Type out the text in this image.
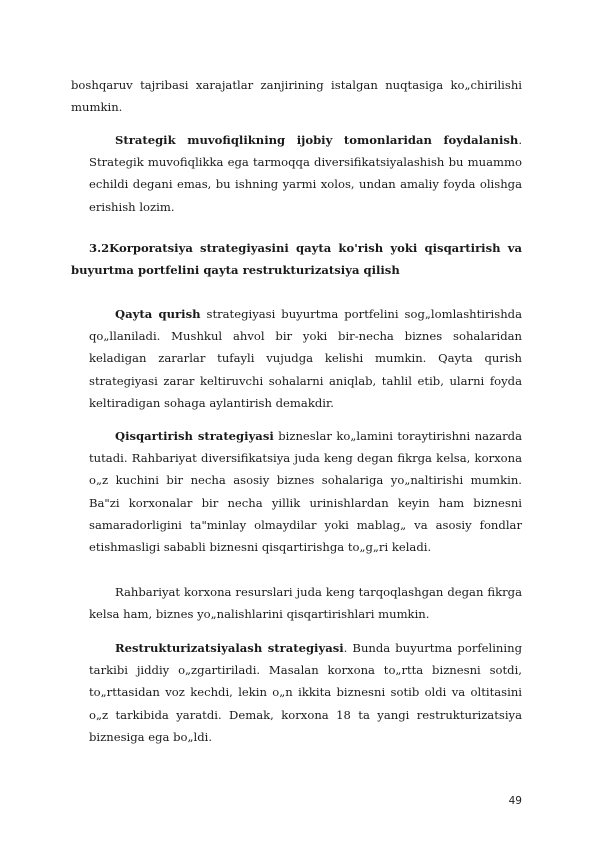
boshqaruv tajribasi xarajatlar zanjirining istalgan nuqtasiga ko„chirilishi mumkin.

Strategik muvofiqlikning ijobiy tomonlaridan foydalanish. Strategik muvofiqlikka ega tarmoqqa diversifikatsiyalashish bu muammo echildi degani emas, bu ishning yarmi xolos, undan amaliy foyda olishga erishish lozim.

3.2Korporatsiya strategiyasini qayta ko'rish yoki qisqartirish va buyurtma portfelini qayta restrukturizatsiya qilish

Qayta qurish strategiyasi buyurtma portfelini sog„lomlashtirishda qo„llaniladi. Mushkul ahvol bir yoki bir-necha biznes sohalaridan keladigan zararlar tufayli vujudga kelishi mumkin. Qayta qurish strategiyasi zarar keltiruvchi sohalarni aniqlab, tahlil etib, ularni foyda keltiradigan sohaga aylantirish demakdir.

Qisqartirish strategiyasi bizneslar ko„lamini toraytirishni nazarda tutadi. Rahbariyat diversifikatsiya juda keng degan fikrga kelsa, korxona o„z kuchini bir necha asosiy biznes sohalariga yo„naltirishi mumkin. Ba"zi korxonalar bir necha yillik urinishlardan keyin ham biznesni samaradorligini ta"minlay olmaydilar yoki mablag„ va asosiy fondlar etishmasligi sababli biznesni qisqartirishga to„g„ri keladi.

Rahbariyat korxona resurslari juda keng tarqoqlashgan degan fikrga kelsa ham, biznes yo„nalishlarini qisqartirishlari mumkin.

Restrukturizatsiyalash strategiyasi. Bunda buyurtma porfelining tarkibi jiddiy o„zgartiriladi. Masalan korxona to„rtta biznesni sotdi, to„rttasidan voz kechdi, lekin o„n ikkita biznesni sotib oldi va oltitasini o„z tarkibida yaratdi. Demak, korxona 18 ta yangi restrukturizatsiya biznesiga ega bo„ldi.

49
